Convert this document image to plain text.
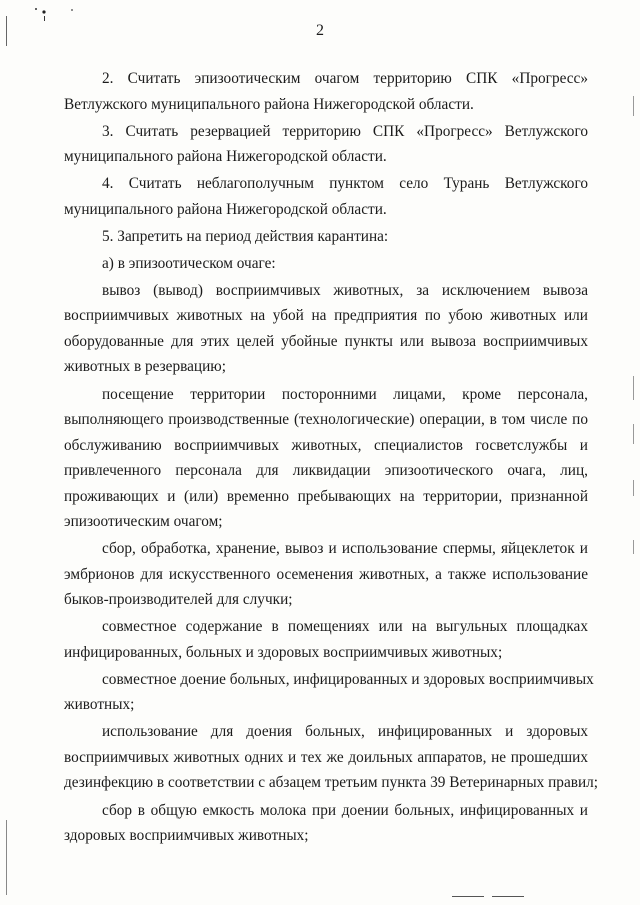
2
2. Считать эпизоотическим очагом территорию СПК «Прогресс»
Ветлужского муниципального района Нижегородской области.
3. Считать резервацией территорию СПК «Прогресс» Ветлужского
муниципального района Нижегородской области.
4. Считать неблагополучным пунктом село Турань Ветлужского
муниципального района Нижегородской области.
5. Запретить на период действия карантина:
а) в эпизоотическом очаге:
вывоз (вывод) восприимчивых животных, за исключением вывоза
восприимчивых животных на убой на предприятия по убою животных или
оборудованные для этих целей убойные пункты или вывоза восприимчивых
животных в резервацию;
посещение территории посторонними лицами, кроме персонала,
выполняющего производственные (технологические) операции, в том числе по
обслуживанию восприимчивых животных, специалистов госветслужбы и
привлеченного персонала для ликвидации эпизоотического очага, лиц,
проживающих и (или) временно пребывающих на территории, признанной
эпизоотическим очагом;
сбор, обработка, хранение, вывоз и использование спермы, яйцеклеток и
эмбрионов для искусственного осеменения животных, а также использование
быков-производителей для случки;
совместное содержание в помещениях или на выгульных площадках
инфицированных, больных и здоровых восприимчивых животных;
совместное доение больных, инфицированных и здоровых восприимчивых
животных;
использование для доения больных, инфицированных и здоровых
восприимчивых животных одних и тех же доильных аппаратов, не прошедших
дезинфекцию в соответствии с абзацем третьим пункта 39 Ветеринарных правил;
сбор в общую емкость молока при доении больных, инфицированных и
здоровых восприимчивых животных;
